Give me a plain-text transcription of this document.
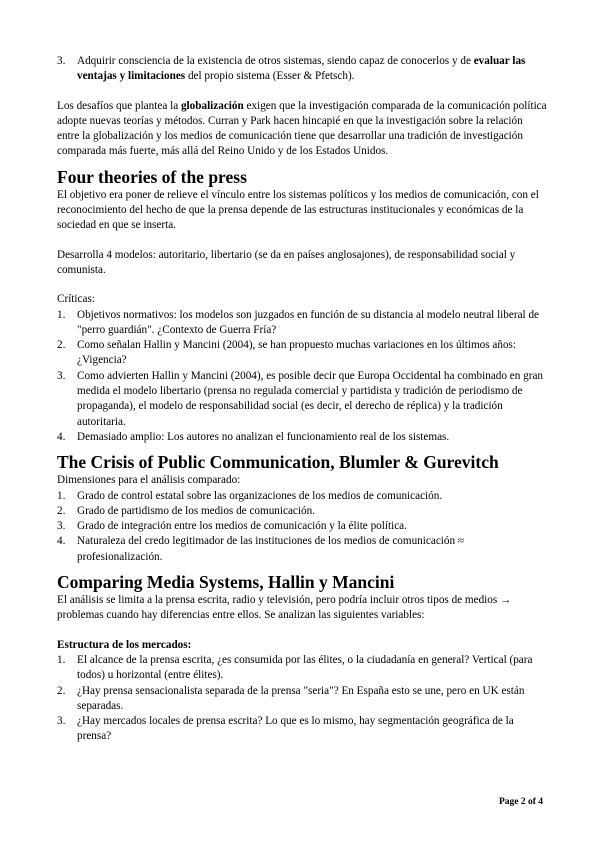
3. Adquirir consciencia de la existencia de otros sistemas, siendo capaz de conocerlos y de evaluar las ventajas y limitaciones del propio sistema (Esser & Pfetsch).

Los desafíos que plantea la globalización exigen que la investigación comparada de la comunicación política adopte nuevas teorías y métodos. Curran y Park hacen hincapié en que la investigación sobre la relación entre la globalización y los medios de comunicación tiene que desarrollar una tradición de investigación comparada más fuerte, más allá del Reino Unido y de los Estados Unidos.

Four theories of the press

El objetivo era poner de relieve el vínculo entre los sistemas políticos y los medios de comunicación, con el reconocimiento del hecho de que la prensa depende de las estructuras institucionales y económicas de la sociedad en que se inserta.

Desarrolla 4 modelos: autoritario, libertario (se da en países anglosajones), de responsabilidad social y comunista.

Críticas:

1. Objetivos normativos: los modelos son juzgados en función de su distancia al modelo neutral liberal de "perro guardián". ¿Contexto de Guerra Fría?
2. Como señalan Hallin y Mancini (2004), se han propuesto muchas variaciones en los últimos años: ¿Vigencia?
3. Como advierten Hallin y Mancini (2004), es posible decir que Europa Occidental ha combinado en gran medida el modelo libertario (prensa no regulada comercial y partidista y tradición de periodismo de propaganda), el modelo de responsabilidad social (es decir, el derecho de réplica) y la tradición autoritaria.
4. Demasiado amplio: Los autores no analizan el funcionamiento real de los sistemas.
The Crisis of Public Communication, Blumler & Gurevitch

Dimensiones para el análisis comparado:

1. Grado de control estatal sobre las organizaciones de los medios de comunicación.
2. Grado de partidismo de los medios de comunicación.
3. Grado de integración entre los medios de comunicación y la élite política.
4. Naturaleza del credo legitimador de las instituciones de los medios de comunicación ≈ profesionalización.
Comparing Media Systems, Hallin y Mancini

El análisis se limita a la prensa escrita, radio y televisión, pero podría incluir otros tipos de medios → problemas cuando hay diferencias entre ellos. Se analizan las siguientes variables:

Estructura de los mercados:

1. El alcance de la prensa escrita, ¿es consumida por las élites, o la ciudadanía en general? Vertical (para todos) u horizontal (entre élites).
2. ¿Hay prensa sensacionalista separada de la prensa "seria"? En España esto se une, pero en UK están separadas.
3. ¿Hay mercados locales de prensa escrita? Lo que es lo mismo, hay segmentación geográfica de la prensa?
Page 2 of 4
